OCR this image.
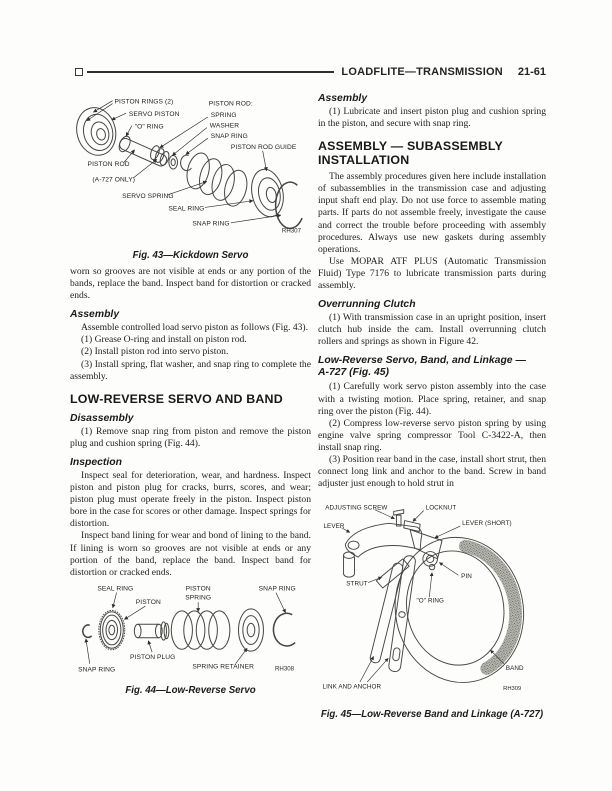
LOADFLITE—TRANSMISSION 21-61
PISTON RINGS (2)
SERVO PISTON
"O" RING
PISTON ROD:
SPRING
WASHER
SNAP RING
PISTON ROD GUIDE
PISTON ROD
(A-727 ONLY)
SERVO SPRING
SEAL RING
SNAP RING
RH307
Fig. 43—Kickdown Servo

worn so grooves are not visible at ends or any portion of the bands, replace the band. Inspect band for distortion or cracked ends.

Assembly

Assemble controlled load servo piston as follows (Fig. 43).

(1) Grease O-ring and install on piston rod.

(2) Install piston rod into servo piston.

(3) Install spring, flat washer, and snap ring to complete the assembly.

LOW-REVERSE SERVO AND BAND
Disassembly

(1) Remove snap ring from piston and remove the piston plug and cushion spring (Fig. 44).

Inspection

Inspect seal for deterioration, wear, and hardness. Inspect piston and piston plug for cracks, burrs, scores, and wear; piston plug must operate freely in the piston. Inspect piston bore in the case for scores or other damage. Inspect springs for distortion.

Inspect band lining for wear and bond of lining to the band. If lining is worn so grooves are not visible at ends or any portion of the band, replace the band. Inspect band for distortion or cracked ends.

SEAL RING
PISTON
PISTON
SPRING
SNAP RING
PISTON PLUG
SPRING RETAINER
SNAP RING	RH308
Fig. 44—Low-Reverse Servo
Assembly

(1) Lubricate and insert piston plug and cushion spring in the piston, and secure with snap ring.

ASSEMBLY — SUBASSEMBLY INSTALLATION

The assembly procedures given here include installation of subassemblies in the transmission case and adjusting input shaft end play. Do not use force to assemble mating parts. If parts do not assemble freely, investigate the cause and correct the trouble before proceeding with assembly procedures. Always use new gaskets during assembly operations.

Use MOPAR ATF PLUS (Automatic Transmission Fluid) Type 7176 to lubricate transmission parts during assembly.

Overrunning Clutch

(1) With transmission case in an upright position, insert clutch hub inside the cam. Install overrunning clutch rollers and springs as shown in Figure 42.

Low-Reverse Servo, Band, and Linkage —
A-727 (Fig. 45)

(1) Carefully work servo piston assembly into the case with a twisting motion. Place spring, retainer, and snap ring over the piston (Fig. 44).

(2) Compress low-reverse servo piston spring by using engine valve spring compressor Tool C-3422-A, then install snap ring.

(3) Position rear band in the case, install short strut, then connect long link and anchor to the band. Screw in band adjuster just enough to hold strut in

ADJUSTING SCREW	LOCKNUT
LEVER	LEVER (SHORT)
PIN
STRUT
"O" RING
BAND
LINK AND ANCHOR	RH309
Fig. 45—Low-Reverse Band and Linkage (A-727)
